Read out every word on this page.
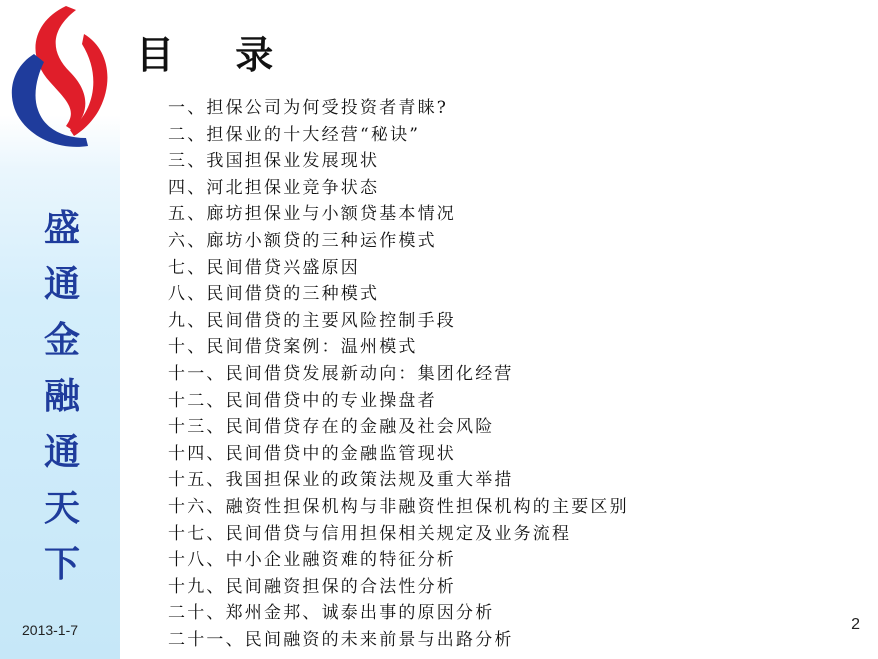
盛
通
金
融
通
天
下
2013-1-7
目 录
一、担保公司为何受投资者青睐?
二、担保业的十大经营“秘诀”
三、我国担保业发展现状
四、河北担保业竞争状态
五、廊坊担保业与小额贷基本情况
六、廊坊小额贷的三种运作模式
七、民间借贷兴盛原因
八、民间借贷的三种模式
九、民间借贷的主要风险控制手段
十、民间借贷案例：温州模式
十一、民间借贷发展新动向：集团化经营
十二、民间借贷中的专业操盘者
十三、民间借贷存在的金融及社会风险
十四、民间借贷中的金融监管现状
十五、我国担保业的政策法规及重大举措
十六、融资性担保机构与非融资性担保机构的主要区别
十七、民间借贷与信用担保相关规定及业务流程
十八、中小企业融资难的特征分析
十九、民间融资担保的合法性分析
二十、郑州金邦、诚泰出事的原因分析
二十一、民间融资的未来前景与出路分析
2
